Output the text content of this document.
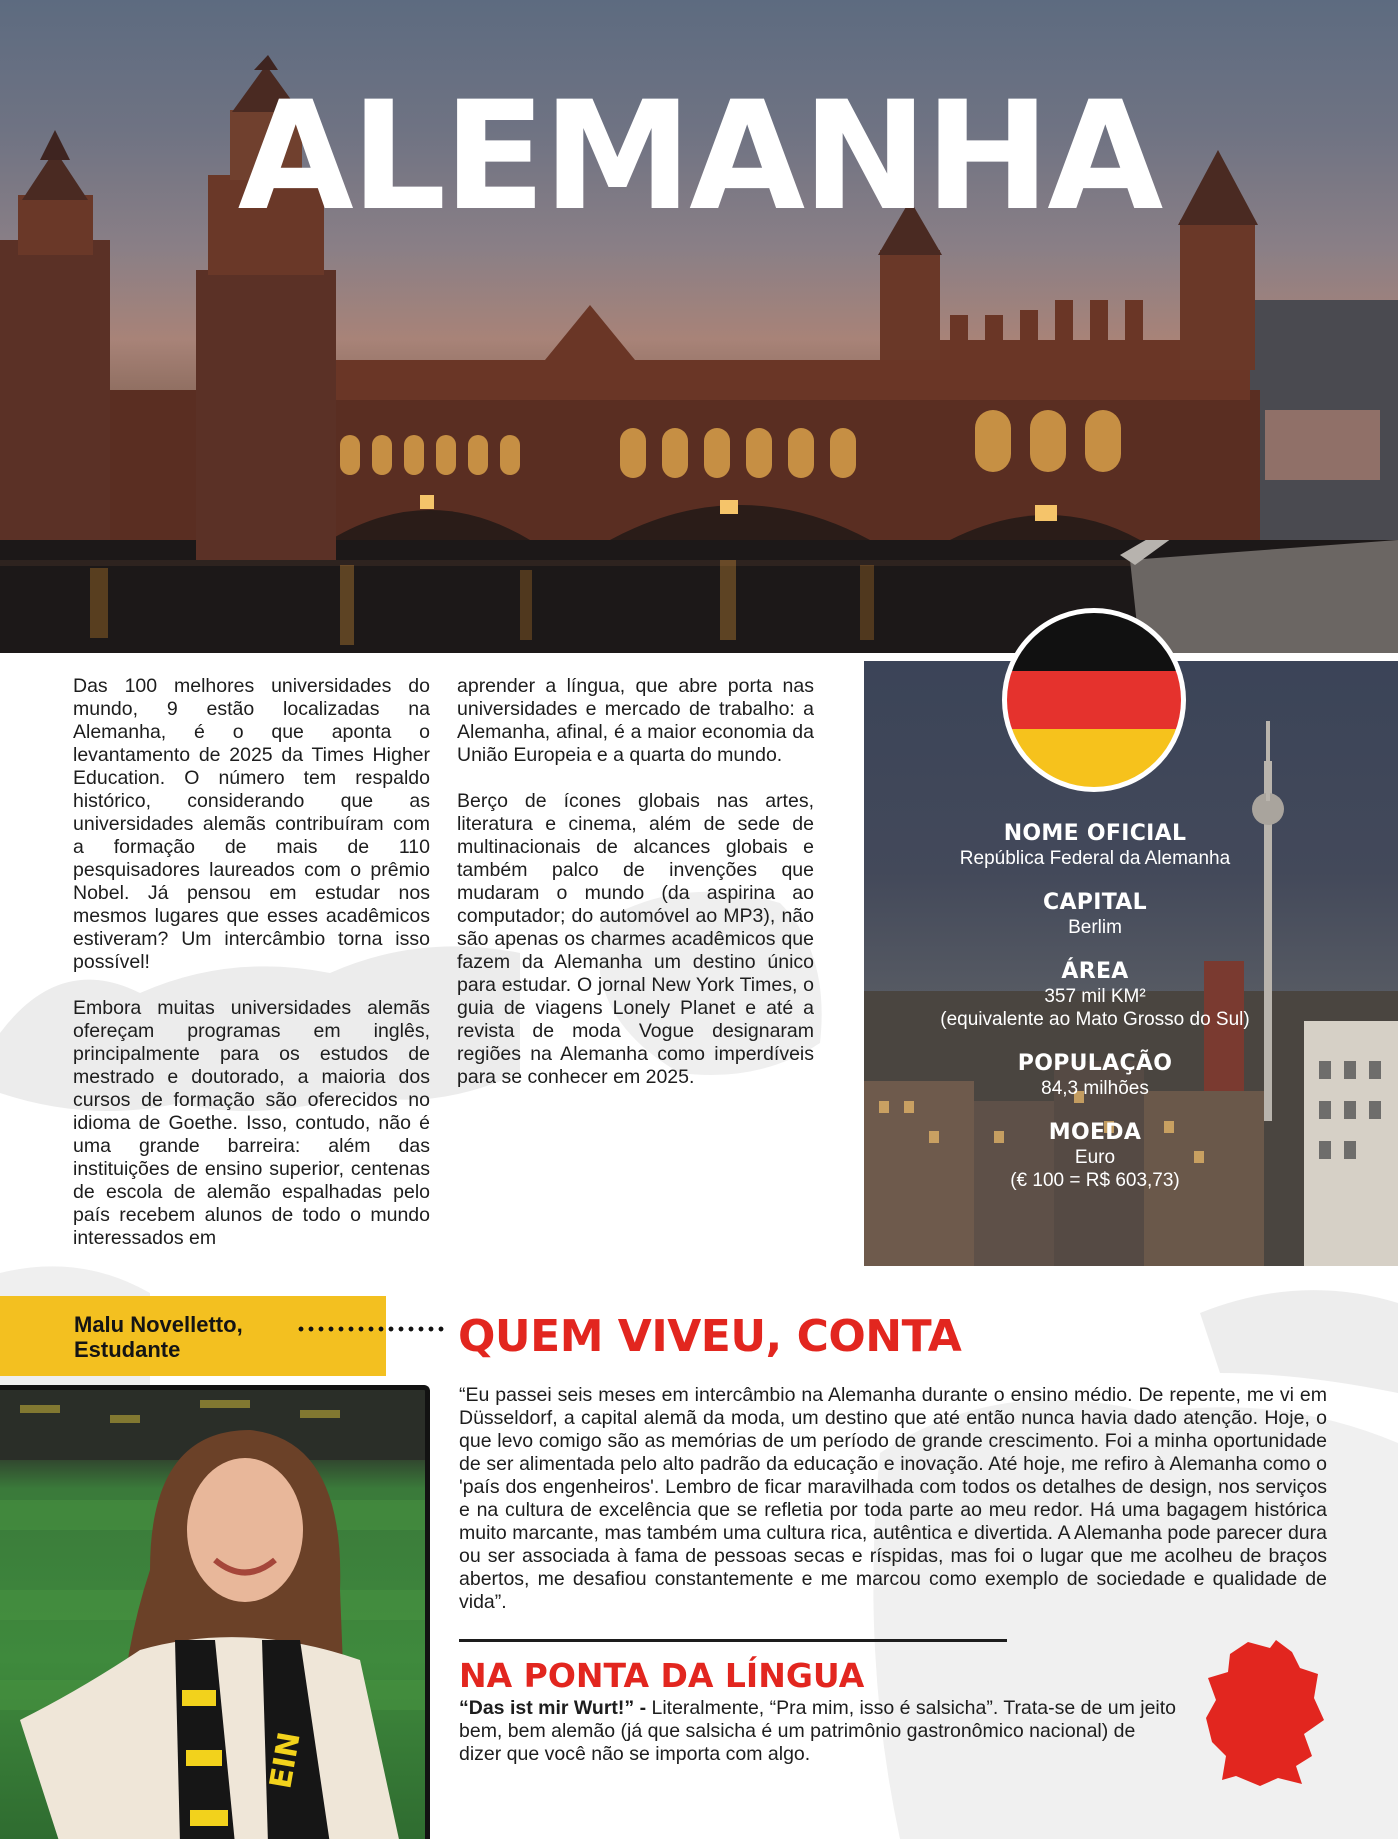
ALEMANHA

Das 100 melhores universidades do mundo, 9 estão localizadas na Alemanha, é o que aponta o levantamento de 2025 da Times Higher Education. O número tem respaldo histórico, considerando que as universidades alemãs contribuíram com a formação de mais de 110 pesquisadores laureados com o prêmio Nobel. Já pensou em estudar nos mesmos lugares que esses acadêmicos estiveram? Um intercâmbio torna isso possível!

Embora muitas universidades alemãs ofereçam programas em inglês, principalmente para os estudos de mestrado e doutorado, a maioria dos cursos de formação são oferecidos no idioma de Goethe. Isso, contudo, não é uma grande barreira: além das instituições de ensino superior, centenas de escola de alemão espalhadas pelo país recebem alunos de todo o mundo interessados em

aprender a língua, que abre porta nas universidades e mercado de trabalho: a Alemanha, afinal, é a maior economia da União Europeia e a quarta do mundo.

Berço de ícones globais nas artes, literatura e cinema, além de sede de multinacionais de alcances globais e também palco de invenções que mudaram o mundo (da aspirina ao computador; do automóvel ao MP3), não são apenas os charmes acadêmicos que fazem da Alemanha um destino único para estudar. O jornal New York Times, o guia de viagens Lonely Planet e até a revista de moda Vogue designaram regiões na Alemanha como imperdíveis para se conhecer em 2025.

NOME OFICIAL
República Federal da Alemanha
CAPITAL
Berlim
ÁREA
357 mil KM²
(equivalente ao Mato Grosso do Sul)
POPULAÇÃO
84,3 milhões
MOEDA
Euro
(€ 100 = R$ 603,73)
Malu Novelletto,
Estudante	QUEM VIVEU, CONTA
“Eu passei seis meses em intercâmbio na Alemanha durante o ensino médio. De repente, me vi em Düsseldorf, a capital alemã da moda, um destino que até então nunca havia dado atenção. Hoje, o que levo comigo são as memórias de um período de grande crescimento. Foi a minha oportunidade de ser alimentada pelo alto padrão da educação e inovação. Até hoje, me refiro à Alemanha como o 'país dos engenheiros'. Lembro de ficar maravilhada com todos os detalhes de design, nos serviços e na cultura de excelência que se refletia por toda parte ao meu redor. Há uma bagagem histórica muito marcante, mas também uma cultura rica, autêntica e divertida. A Alemanha pode parecer dura ou ser associada à fama de pessoas secas e ríspidas, mas foi o lugar que me acolheu de braços abertos, me desafiou constantemente e me marcou como exemplo de sociedade e qualidade de vida”.
EIN
NA PONTA DA LÍNGUA
“Das ist mir Wurt!” - Literalmente, “Pra mim, isso é salsicha”. Trata-se de um jeito bem, bem alemão (já que salsicha é um patrimônio gastronômico nacional) de dizer que você não se importa com algo.
